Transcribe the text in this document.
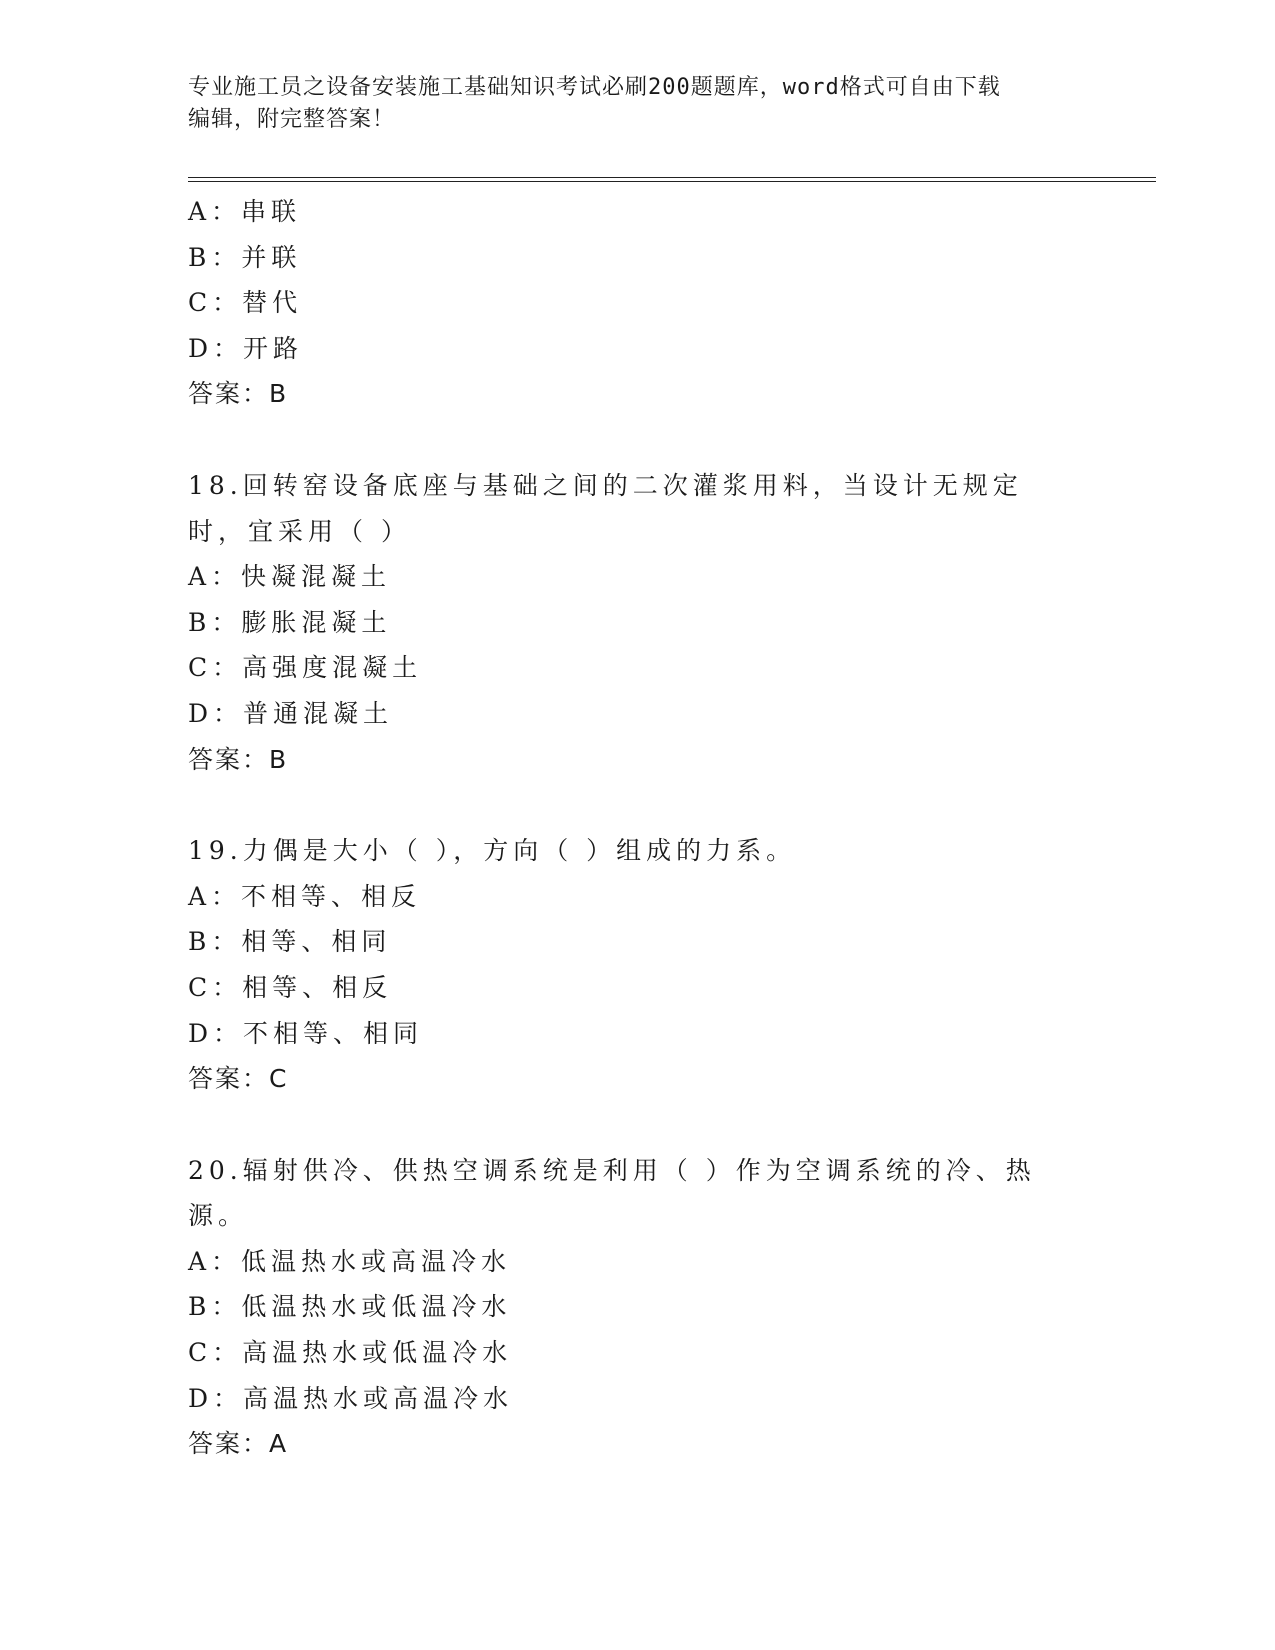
专业施工员之设备安装施工基础知识考试必刷200题题库，word格式可自由下载
编辑，附完整答案！
A：串联
B：并联
C：替代
D：开路
答案：B
18.回转窑设备底座与基础之间的二次灌浆用料，当设计无规定时，宜采用（ ）
A：快凝混凝土
B：膨胀混凝土
C：高强度混凝土
D：普通混凝土
答案：B
19.力偶是大小（ ），方向（ ）组成的力系。
A：不相等、相反
B：相等、相同
C：相等、相反
D：不相等、相同
答案：C
20.辐射供冷、供热空调系统是利用（ ）作为空调系统的冷、热源。
A：低温热水或高温冷水
B：低温热水或低温冷水
C：高温热水或低温冷水
D：高温热水或高温冷水
答案：A
